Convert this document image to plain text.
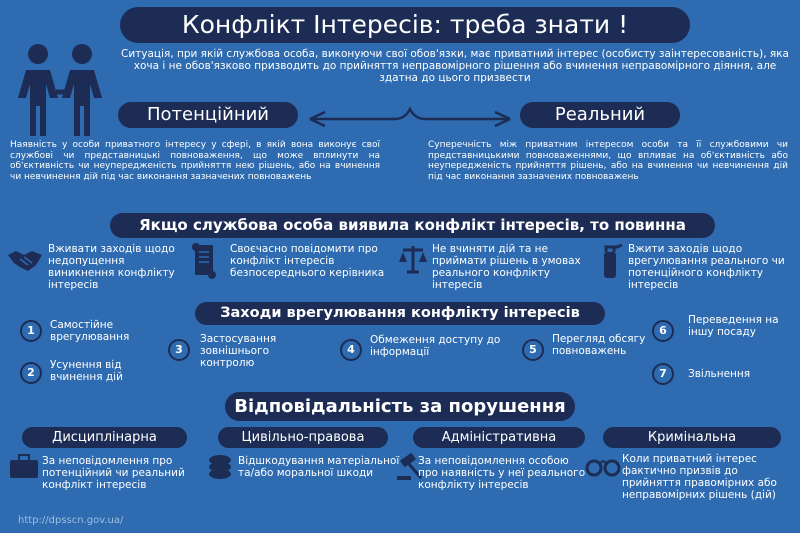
Конфлікт Інтересів: треба знати !
Ситуація, при якій службова особа, виконуючи свої обов'язки, має приватний інтерес (особисту заінтересованість), яка хоча і не обов'язково призводить до прийняття неправомірного рішення або вчинення неправомірного діяння, але здатна до цього призвести
Потенційний	Реальний
Наявність у особи приватного інтересу у сфері, в якій вона виконує свої службові чи представницькі повноваження, що може вплинути на об'єктивність чи неупередженість прийняття нею рішень, або на вчинення чи невчинення дій під час виконання зазначених повноважень
Суперечність між приватним інтересом особи та її службовими чи представницькими повноваженнями, що впливає на об'єктивність або неупередженість прийняття рішень, або на вчинення чи невчинення дій під час виконання зазначених повноважень
Якщо службова особа виявила конфлікт інтересів, то повинна
Вживати заходів щодо недопущення виникнення конфлікту інтересів
Своєчасно повідомити про конфлікт інтересів безпосереднього керівника
Не вчиняти дій та не приймати рішень в умовах реального конфлікту інтересів
Вжити заходів щодо врегулювання реального чи потенційного конфлікту інтересів
Заходи врегулювання конфлікту інтересів
1	Самостійне врегулювання
2
Усунення від вчинення дій
3
Застосування зовнішнього контролю
4
Обмеження доступу до інформації	5
Перегляд обсягу повноважень
6
Переведення на іншу посаду
7	Звільнення
Відповідальність за порушення
Дисциплінарна	Цивільно-правова	Адміністративна	Кримінальна
За неповідомлення про потенційний чи реальний конфлікт інтересів
Відшкодування матеріальної та/або моральної шкоди
За неповідомлення особою про наявність у неї реального конфлікту інтересів
Коли приватний інтерес фактично призвів до прийняття правомірних або неправомірних рішень (дій)
http://dpsscn.gov.ua/
